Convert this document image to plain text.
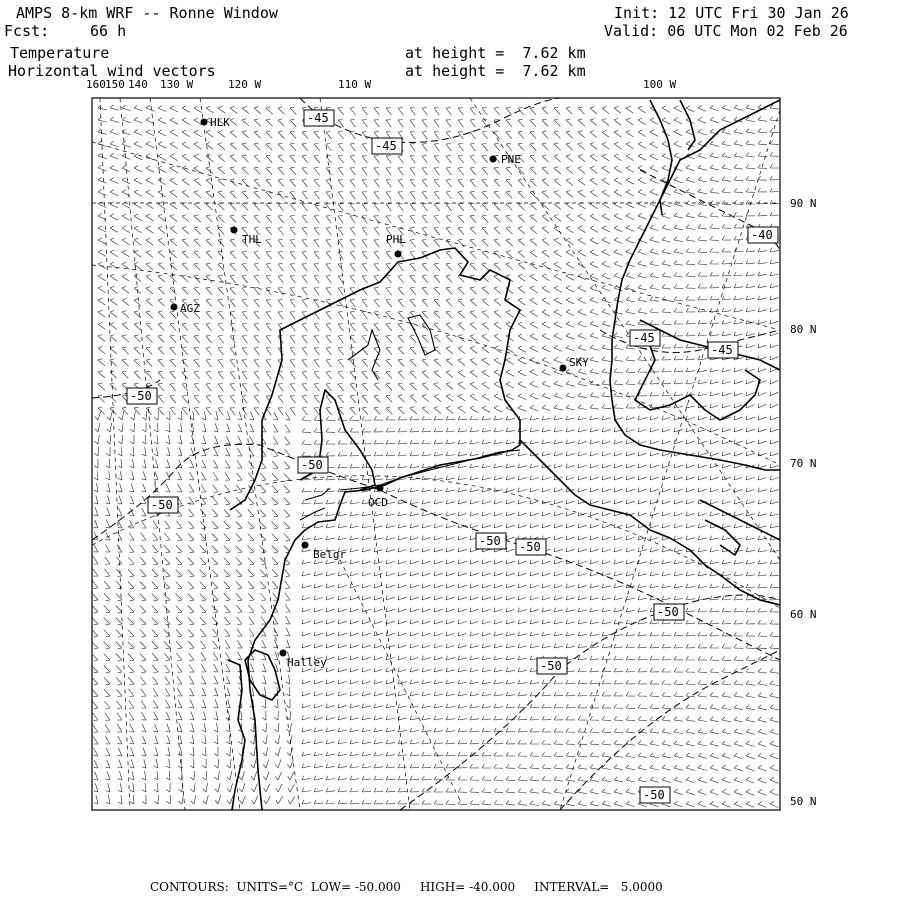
AMPS 8-km WRF -- Ronne Window
Fcst:	66 h
Temperature
Horizontal wind vectors
at height =  7.62 km
at height =  7.62 km
Init: 12 UTC Fri 30 Jan 26
Valid: 06 UTC Mon 02 Feb 26
160 150 140 130 W	120 W	110 W	100 W
90 N
80 N
70 N
60 N
50 N
HLK
PNE
THL	PHL
AGZ
SKY
OCD
Belgr
Halley
-45
-45
-40
-45
-45
-50
-50
-50
-50 -50
-50
-50
-50
CONTOURS:  UNITS=°C  LOW= -50.000     HIGH= -40.000     INTERVAL=   5.0000
